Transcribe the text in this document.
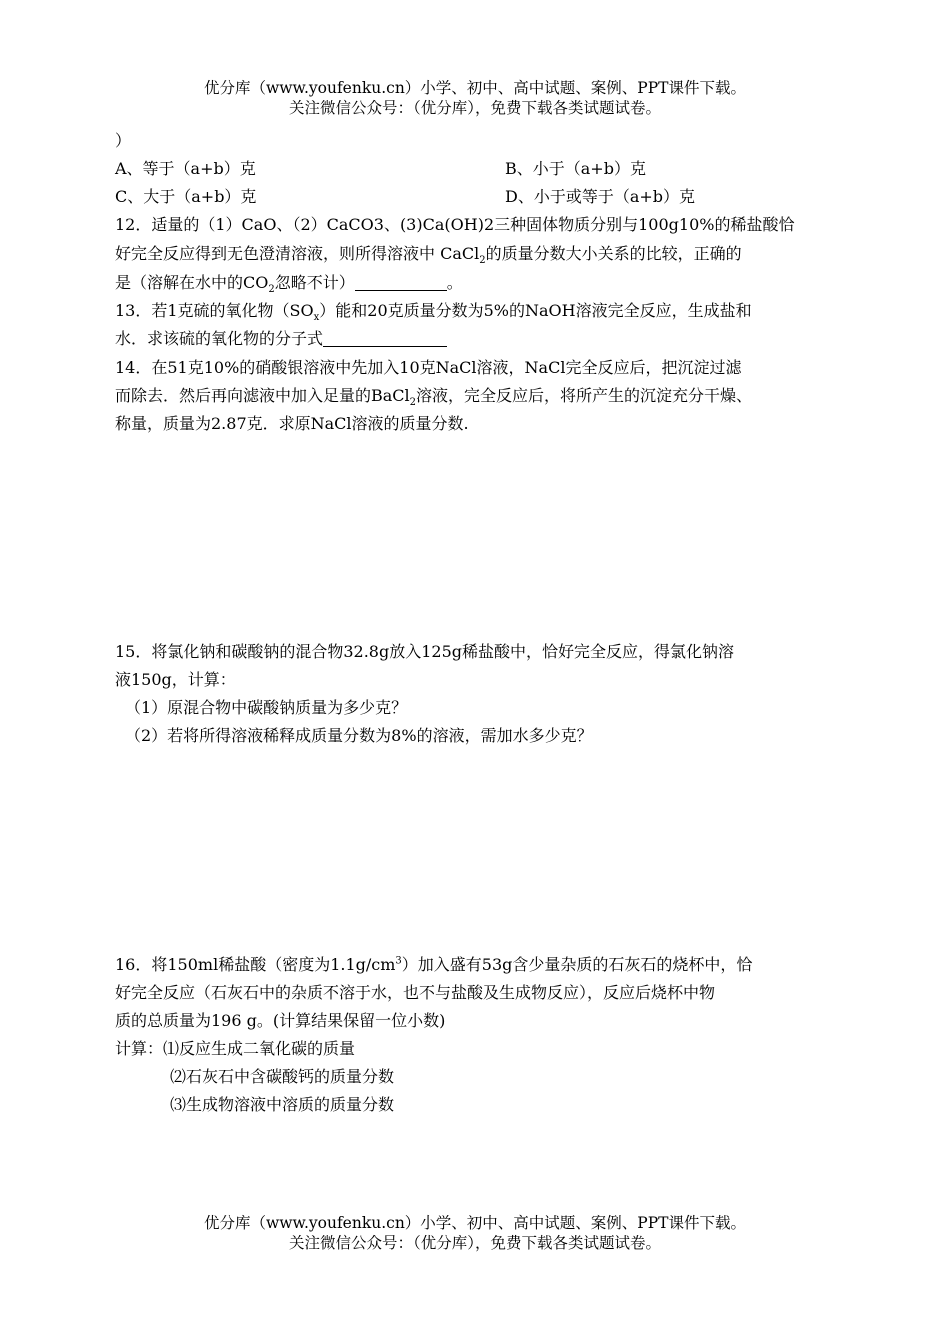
优分库（www.youfenku.cn）小学、初中、高中试题、案例、PPT课件下载。
关注微信公众号：（优分库），免费下载各类试题试卷。
）
A、等于（a+b）克	B、小于（a+b）克
C、大于（a+b）克	D、小于或等于（a+b）克
12．适量的（1）CaO、（2）CaCO3、(3)Ca(OH)2三种固体物质分别与100g10%的稀盐酸恰
好完全反应得到无色澄清溶液，则所得溶液中 CaCl$_2$的质量分数大小关系的比较，正确的
是（溶解在水中的$CO_2$忽略不计）	。
13．若1克硫的氧化物$(SO_x)$能和20克质量分数为5%的NaOH溶液完全反应，生成盐和
水．求该硫的氧化物的分子式
14．在51克10%的硝酸银溶液中先加入10克NaCl溶液，NaCl完全反应后，把沉淀过滤
而除去．然后再向滤液中加入足量的BaCl$_2$溶液，完全反应后，将所产生的沉淀充分干燥、
称量，质量为2.87克．求原NaCl溶液的质量分数.
15．将氯化钠和碳酸钠的混合物32.8g放入125g稀盐酸中，恰好完全反应，得氯化钠溶
液150g，计算：
（1）原混合物中碳酸钠质量为多少克？
（2）若将所得溶液稀释成质量分数为8%的溶液，需加水多少克？
16．将150ml稀盐酸（密度为$1.1g/cm^3$）加入盛有53g含少量杂质的石灰石的烧杯中，恰
好完全反应（石灰石中的杂质不溶于水，也不与盐酸及生成物反应），反应后烧杯中物
质的总质量为196 g。(计算结果保留一位小数)
计算：⑴反应生成二氧化碳的质量
⑵石灰石中含碳酸钙的质量分数
⑶生成物溶液中溶质的质量分数
优分库（www.youfenku.cn）小学、初中、高中试题、案例、PPT课件下载。
关注微信公众号：（优分库），免费下载各类试题试卷。
